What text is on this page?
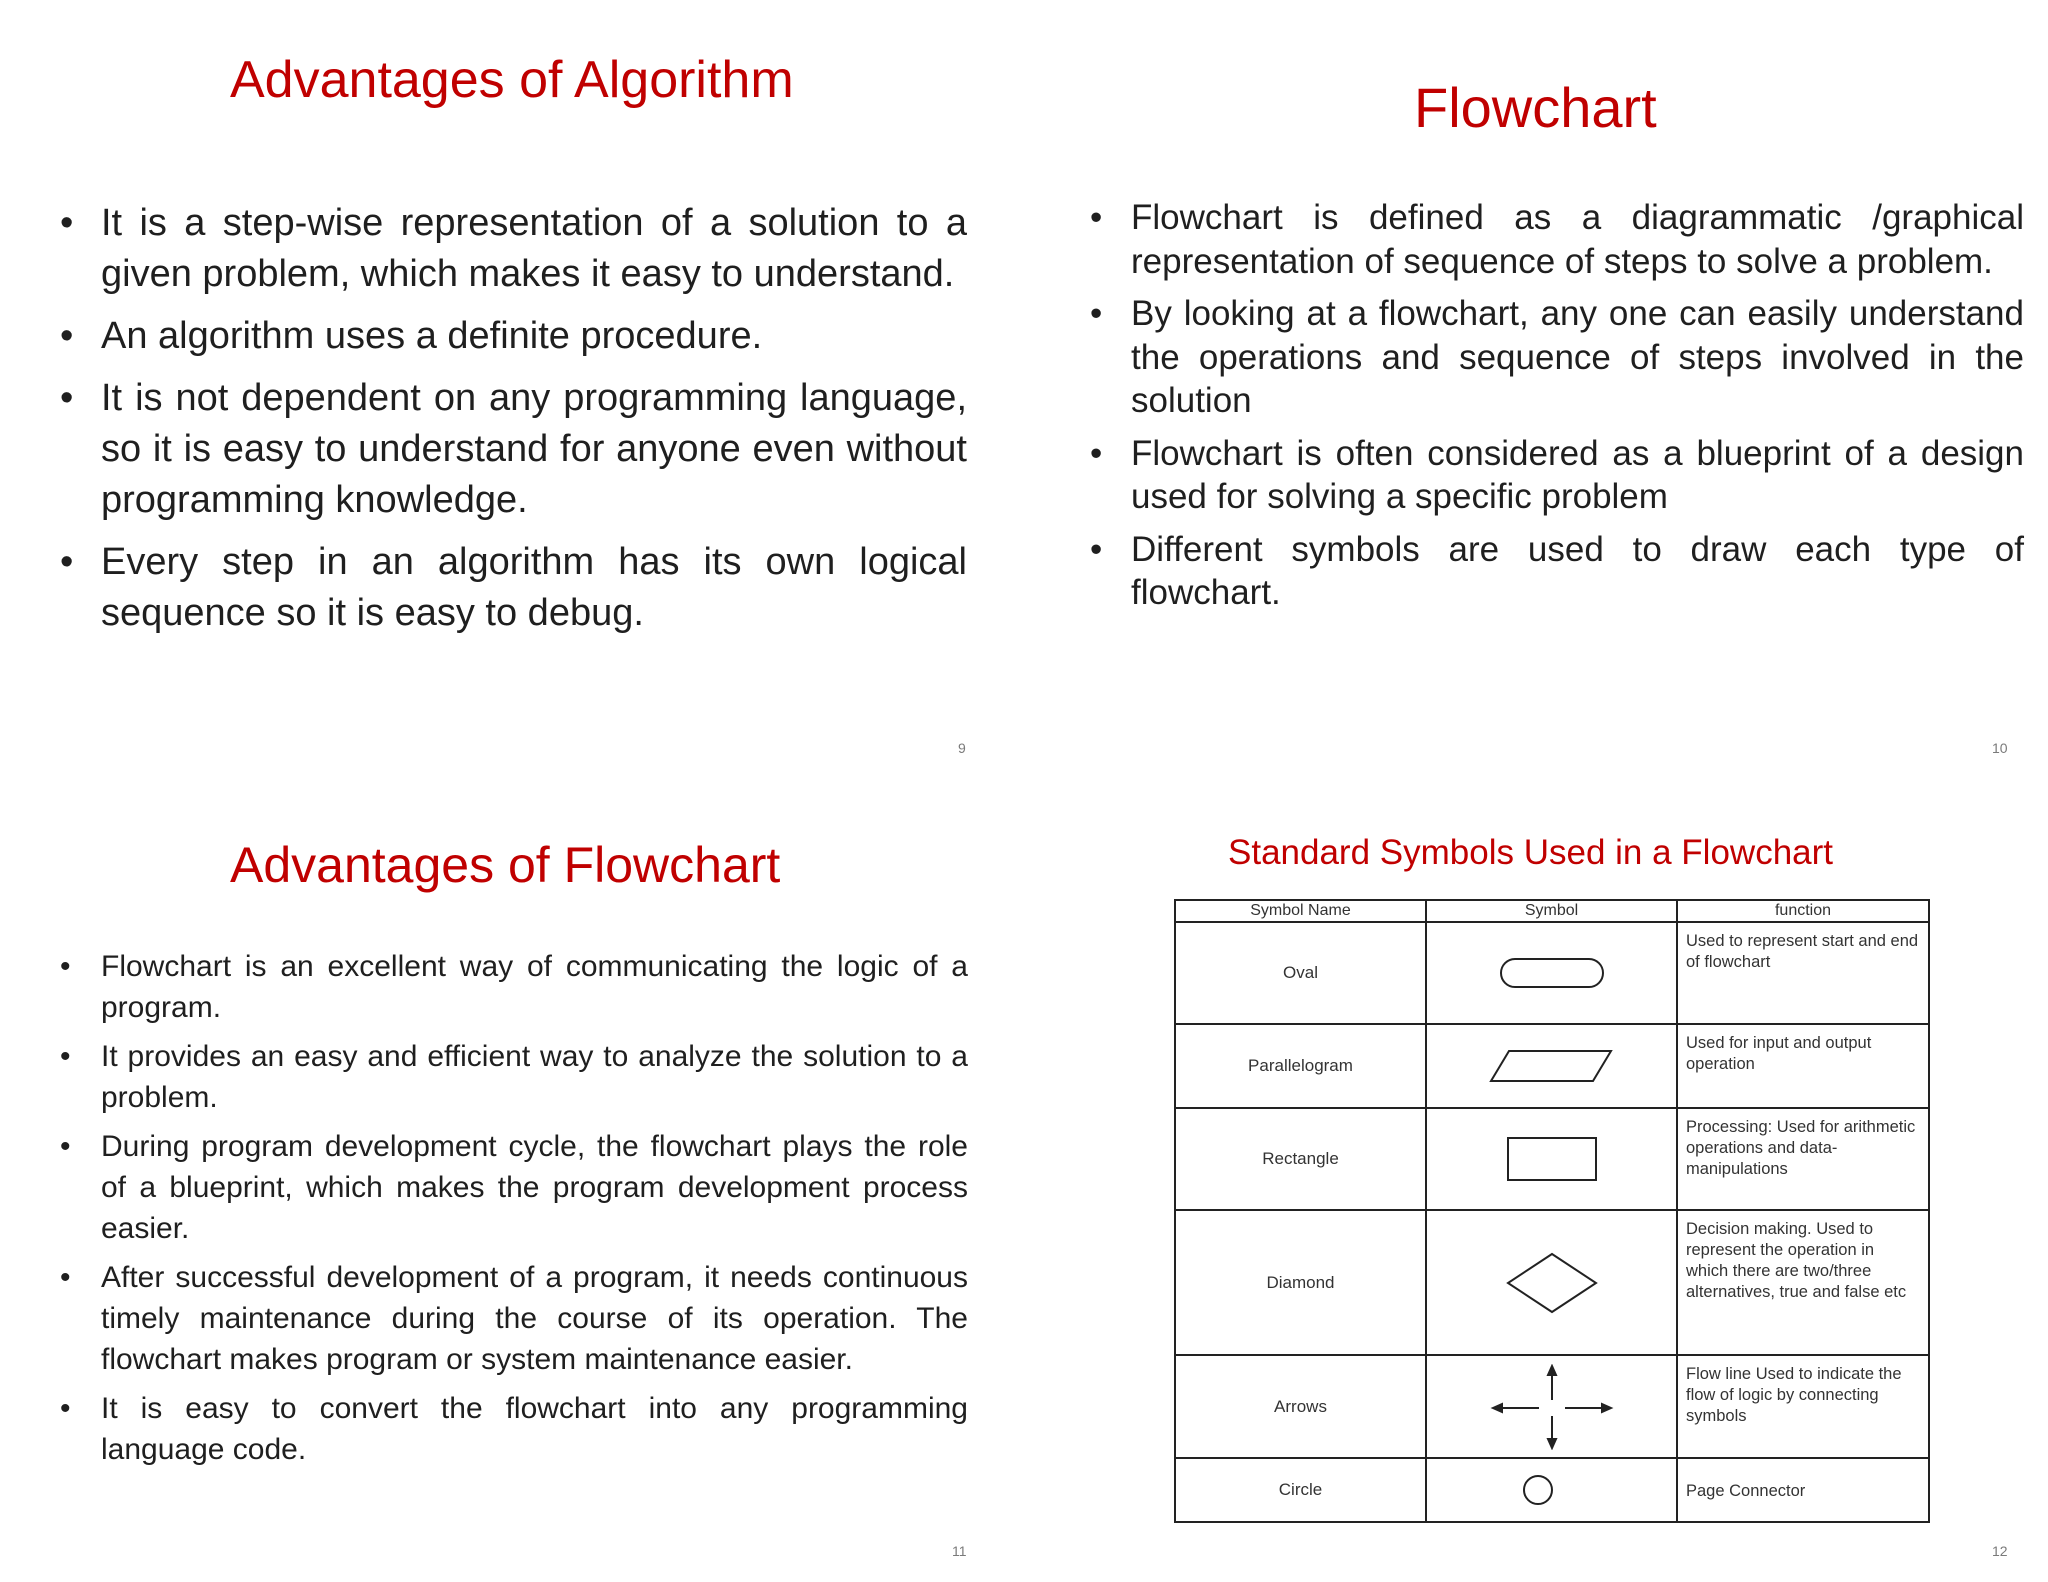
Advantages of Algorithm
• It is a step-wise representation of a solution to a given problem, which makes it easy to understand.
• An algorithm uses a definite procedure.
• It is not dependent on any programming language, so it is easy to understand for anyone even without programming knowledge.
• Every step in an algorithm has its own logical sequence so it is easy to debug.
9
Flowchart
• Flowchart is defined as a diagrammatic /graphical representation of sequence of steps to solve a problem.
• By looking at a flowchart, any one can easily understand the operations and sequence of steps involved in the solution
• Flowchart is often considered as a blueprint of a design used for solving a specific problem
• Different symbols are used to draw each type of flowchart.
10
Advantages of Flowchart
• Flowchart is an excellent way of communicating the logic of a program.
• It provides an easy and efficient way to analyze the solution to a problem.
• During program development cycle, the flowchart plays the role of a blueprint, which makes the program development process easier.
• After successful development of a program, it needs continuous timely maintenance during the course of its operation. The flowchart makes program or system maintenance easier.
• It is easy to convert the flowchart into any programming language code.
11
Standard Symbols Used in a Flowchart
Symbol Name	Symbol	function
Oval		Used to represent start and end of flowchart
Parallelogram		Used for input and output operation
Rectangle		Processing: Used for arithmetic operations and data-manipulations
Diamond		Decision making. Used to represent the operation in which there are two/three alternatives, true and false etc
Arrows		Flow line Used to indicate the flow of logic by connecting symbols
Circle		Page Connector
12
